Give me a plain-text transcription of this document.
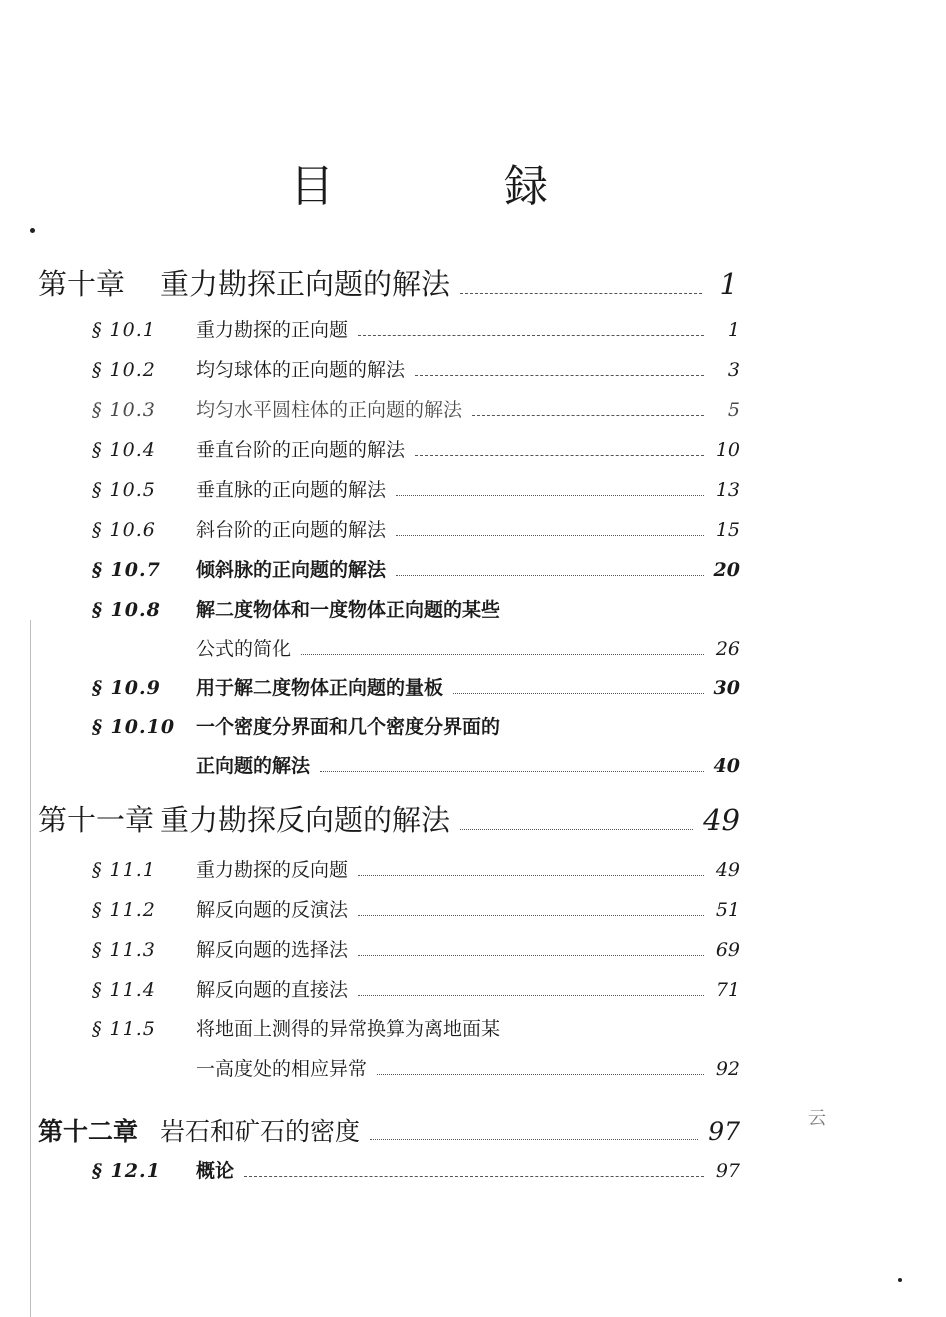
目	録
云
第十章	重力勘探正向题的解法	1
§ 10.1	重力勘探的正向题	1
§ 10.2	均匀球体的正向题的解法	3
§ 10.3	均匀水平圆柱体的正向题的解法	5
§ 10.4	垂直台阶的正向题的解法	10
§ 10.5	垂直脉的正向题的解法	13
§ 10.6	斜台阶的正向题的解法	15
§ 10.7	倾斜脉的正向题的解法	20
§ 10.8	解二度物体和一度物体正向题的某些
公式的简化	26
§ 10.9	用于解二度物体正向题的量板	30
§ 10.10	一个密度分界面和几个密度分界面的
正向题的解法	40
第十一章 重力勘探反向题的解法	49
§ 11.1	重力勘探的反向题	49
§ 11.2	解反向题的反演法	51
§ 11.3	解反向题的选择法	69
§ 11.4	解反向题的直接法	71
§ 11.5	将地面上测得的异常换算为离地面某
一高度处的相应异常	92
第十二章 岩石和矿石的密度	97
§ 12.1	概论	97
